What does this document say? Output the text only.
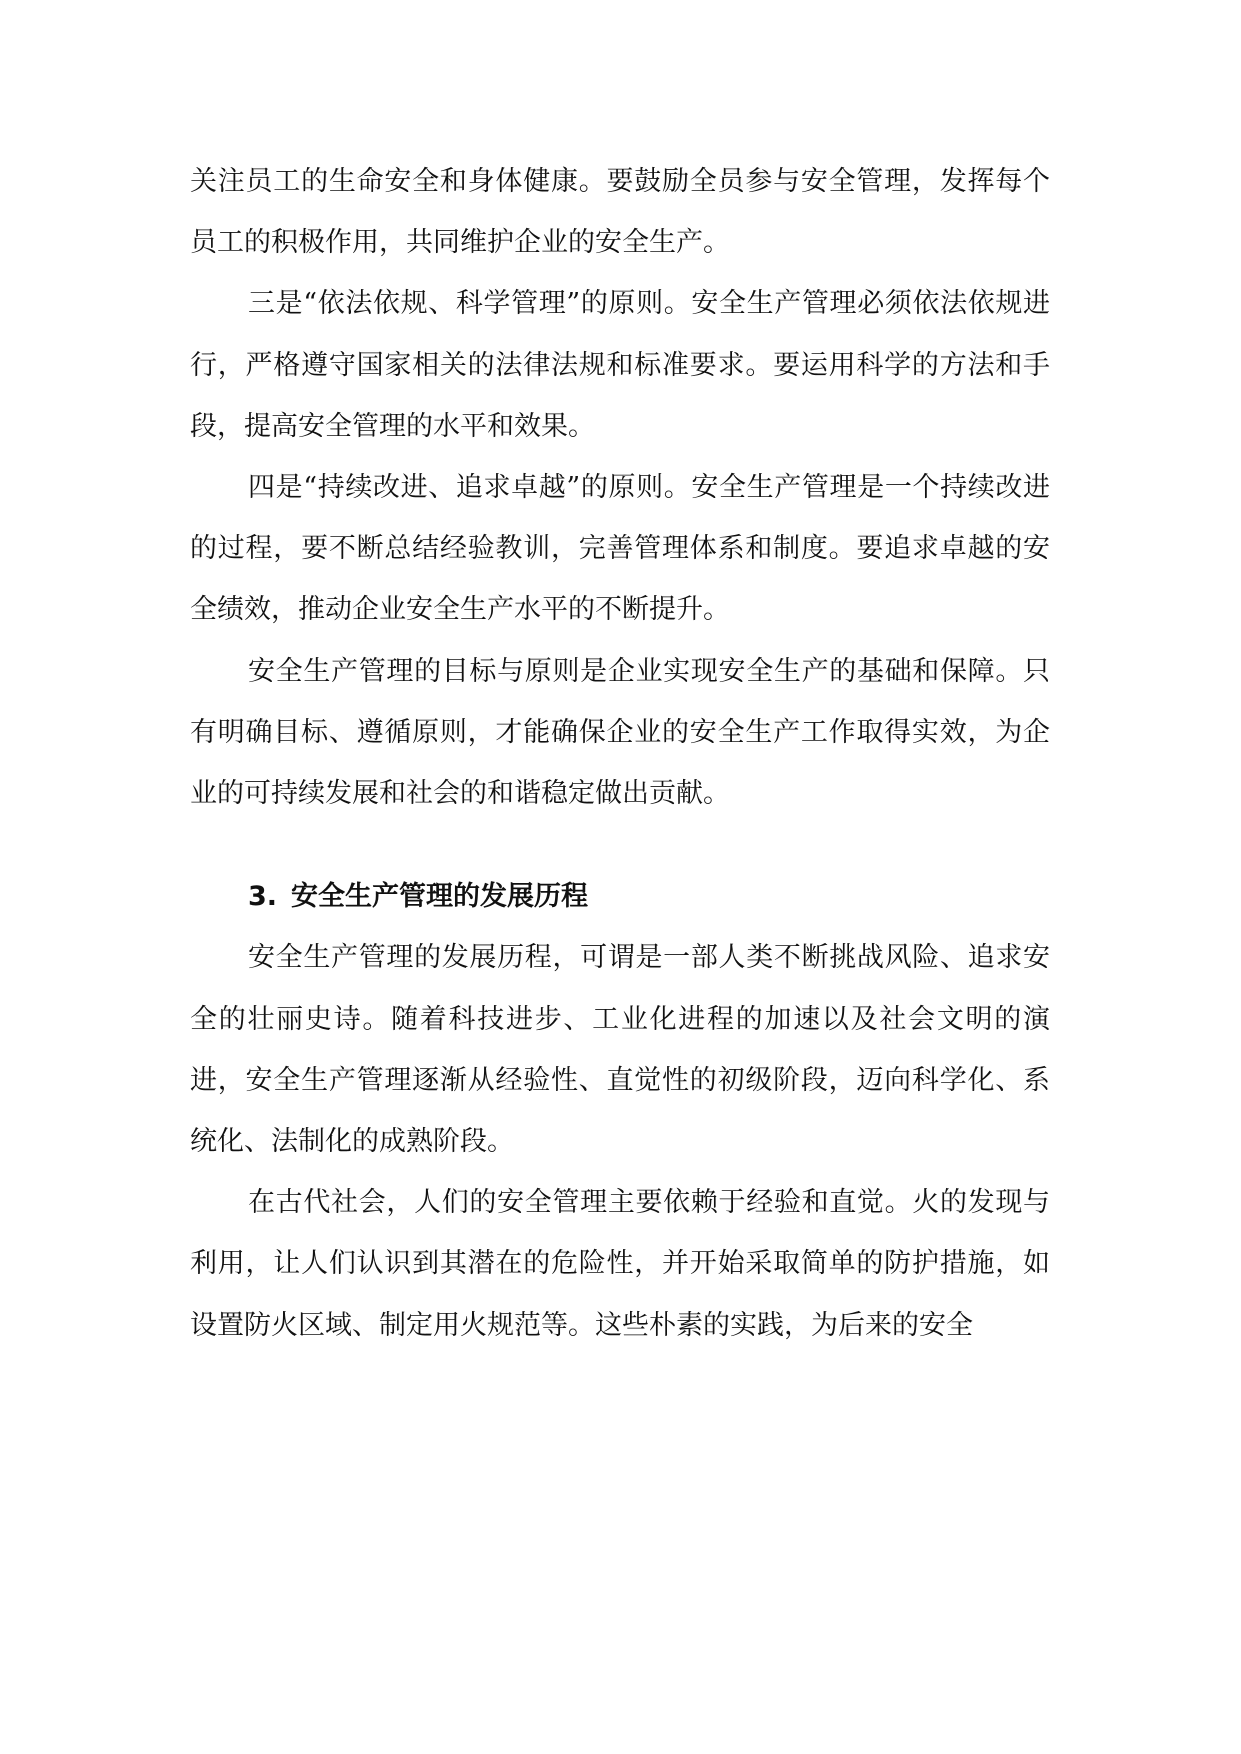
关注员工的生命安全和身体健康。要鼓励全员参与安全管理，发挥每个员工的积极作用，共同维护企业的安全生产。

三是“依法依规、科学管理”的原则。安全生产管理必须依法依规进行，严格遵守国家相关的法律法规和标准要求。要运用科学的方法和手段，提高安全管理的水平和效果。

四是“持续改进、追求卓越”的原则。安全生产管理是一个持续改进的过程，要不断总结经验教训，完善管理体系和制度。要追求卓越的安全绩效，推动企业安全生产水平的不断提升。

安全生产管理的目标与原则是企业实现安全生产的基础和保障。只有明确目标、遵循原则，才能确保企业的安全生产工作取得实效，为企业的可持续发展和社会的和谐稳定做出贡献。

3. 安全生产管理的发展历程

安全生产管理的发展历程，可谓是一部人类不断挑战风险、追求安全的壮丽史诗。随着科技进步、工业化进程的加速以及社会文明的演进，安全生产管理逐渐从经验性、直觉性的初级阶段，迈向科学化、系统化、法制化的成熟阶段。

在古代社会，人们的安全管理主要依赖于经验和直觉。火的发现与利用，让人们认识到其潜在的危险性，并开始采取简单的防护措施，如设置防火区域、制定用火规范等。这些朴素的实践，为后来的安全
